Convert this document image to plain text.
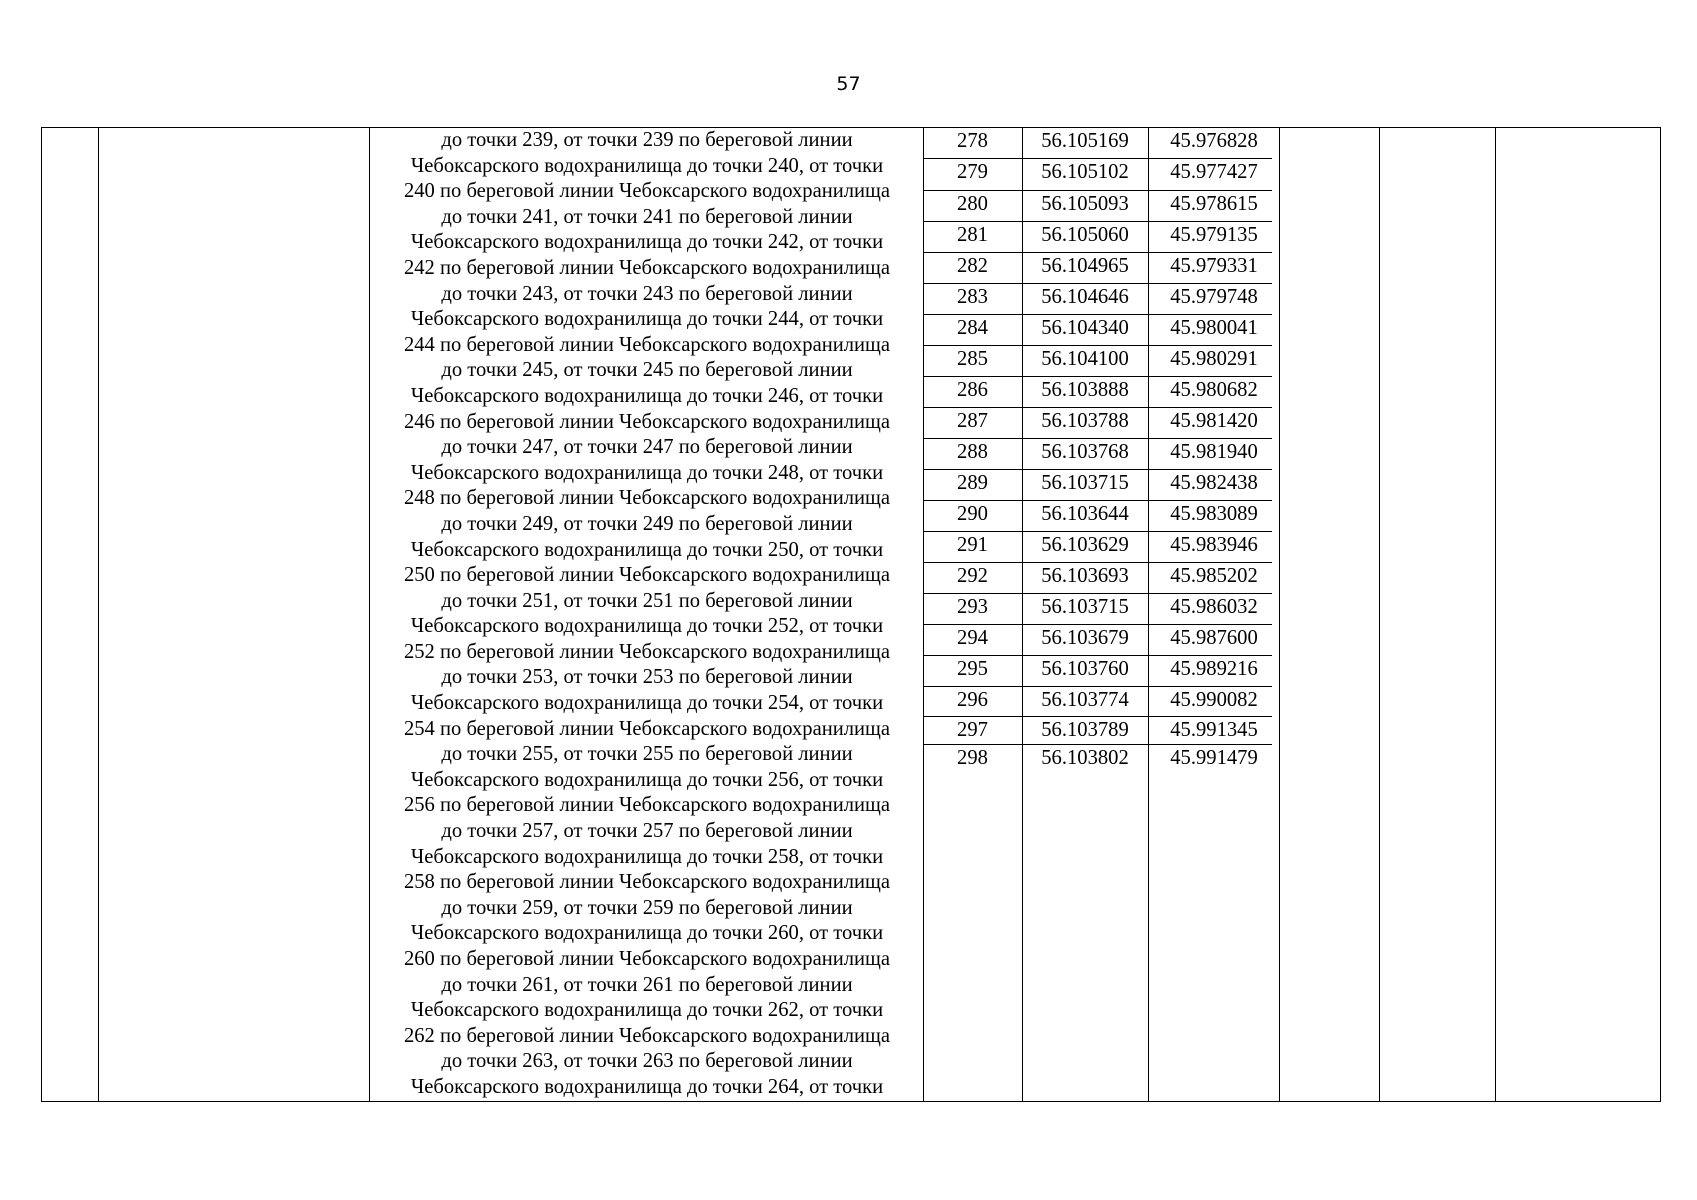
57
до точки 239, от точки 239 по береговой линии
Чебоксарского водохранилища до точки 240, от точки
240 по береговой линии Чебоксарского водохранилища
до точки 241, от точки 241 по береговой линии
Чебоксарского водохранилища до точки 242, от точки
242 по береговой линии Чебоксарского водохранилища
до точки 243, от точки 243 по береговой линии
Чебоксарского водохранилища до точки 244, от точки
244 по береговой линии Чебоксарского водохранилища
до точки 245, от точки 245 по береговой линии
Чебоксарского водохранилища до точки 246, от точки
246 по береговой линии Чебоксарского водохранилища
до точки 247, от точки 247 по береговой линии
Чебоксарского водохранилища до точки 248, от точки
248 по береговой линии Чебоксарского водохранилища
до точки 249, от точки 249 по береговой линии
Чебоксарского водохранилища до точки 250, от точки
250 по береговой линии Чебоксарского водохранилища
до точки 251, от точки 251 по береговой линии
Чебоксарского водохранилища до точки 252, от точки
252 по береговой линии Чебоксарского водохранилища
до точки 253, от точки 253 по береговой линии
Чебоксарского водохранилища до точки 254, от точки
254 по береговой линии Чебоксарского водохранилища
до точки 255, от точки 255 по береговой линии
Чебоксарского водохранилища до точки 256, от точки
256 по береговой линии Чебоксарского водохранилища
до точки 257, от точки 257 по береговой линии
Чебоксарского водохранилища до точки 258, от точки
258 по береговой линии Чебоксарского водохранилища
до точки 259, от точки 259 по береговой линии
Чебоксарского водохранилища до точки 260, от точки
260 по береговой линии Чебоксарского водохранилища
до точки 261, от точки 261 по береговой линии
Чебоксарского водохранилища до точки 262, от точки
262 по береговой линии Чебоксарского водохранилища
до точки 263, от точки 263 по береговой линии
Чебоксарского водохранилища до точки 264, от точки
278	56.105169	45.976828
279	56.105102	45.977427
280	56.105093	45.978615
281	56.105060	45.979135
282	56.104965	45.979331
283	56.104646	45.979748
284	56.104340	45.980041
285	56.104100	45.980291
286	56.103888	45.980682
287	56.103788	45.981420
288	56.103768	45.981940
289	56.103715	45.982438
290	56.103644	45.983089
291	56.103629	45.983946
292	56.103693	45.985202
293	56.103715	45.986032
294	56.103679	45.987600
295	56.103760	45.989216
296	56.103774	45.990082
297	56.103789	45.991345
298	56.103802	45.991479
